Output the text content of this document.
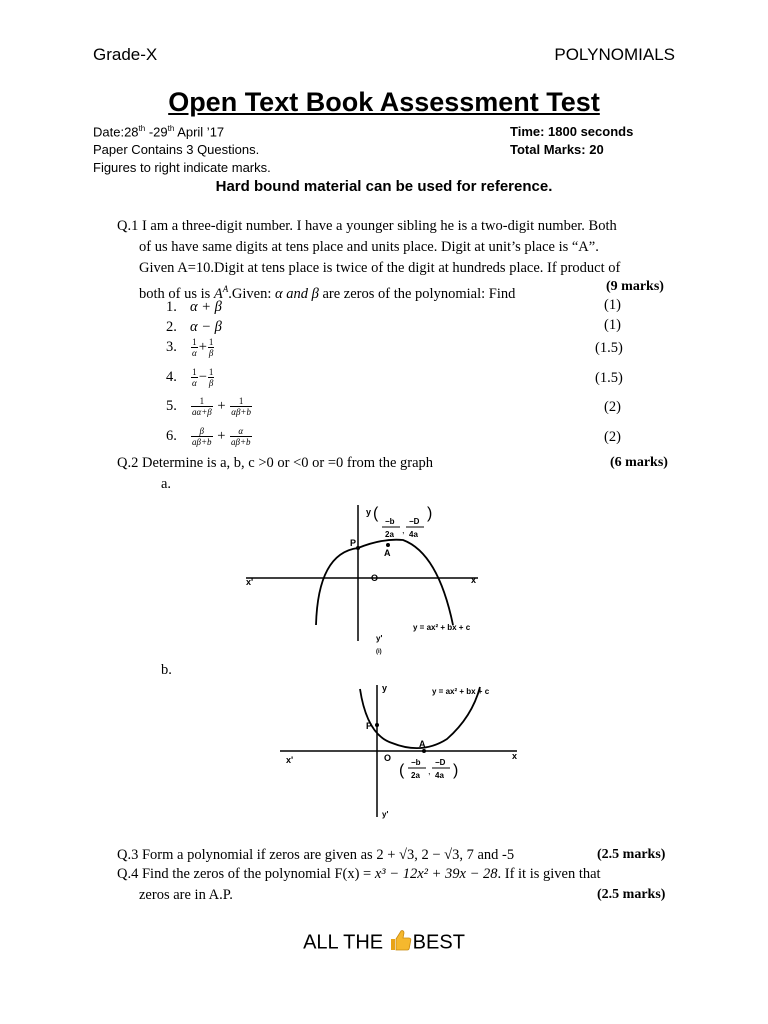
Grade-X	POLYNOMIALS
Open Text Book Assessment Test
Date:28th -29th April ’17
Paper Contains 3 Questions.
Figures to right indicate marks.
Time: 1800 seconds
Total Marks: 20
Hard bound material can be used for reference.
Q.1 I am a three-digit number. I have a younger sibling he is a two-digit number. Both
of us have same digits at tens place and units place. Digit at unit’s place is “A”.
Given A=10.Digit at tens place is twice of the digit at hundreds place. If product of
both of us is $A^A.Given$: α and β are zeros of the polynomial: Find	(9 marks)
1. α + β	(1)
2. α − β	(1)
3. $\frac{1}{\alpha} + \frac{1}{\beta}$	(1.5)
4. $\frac{1}{\alpha} - \frac{1}{\beta}$	(1.5)
5. $\frac{1}{a\alpha+\beta} + \frac{1}{\alpha\beta+b}$	(2)
6. $\frac{\beta}{a\beta+b} + \frac{\alpha}{a\beta+b}$	(2)
Q.2 Determine is a, b, c >0 or <0 or =0 from the graph	(6 marks)
a.
y
x
x'	O
P
A
( −b
2a ,
−D
4a
)
y = ax² + bx + c
y'
(i)
b.
y
x
x'	O
P
A
y = ax² + bx + c
( −b
2a ,
−D
4a )
y'
Q.3 Form a polynomial if zeros are given as 2 + √3, 2 − √3, 7 and -5	(2.5 marks)
Q.4 Find the zeros of the polynomial F(x) = x³ − 12x² + 39x − 28. If it is given that
zeros are in A.P.	(2.5 marks)
ALL THE BEST
